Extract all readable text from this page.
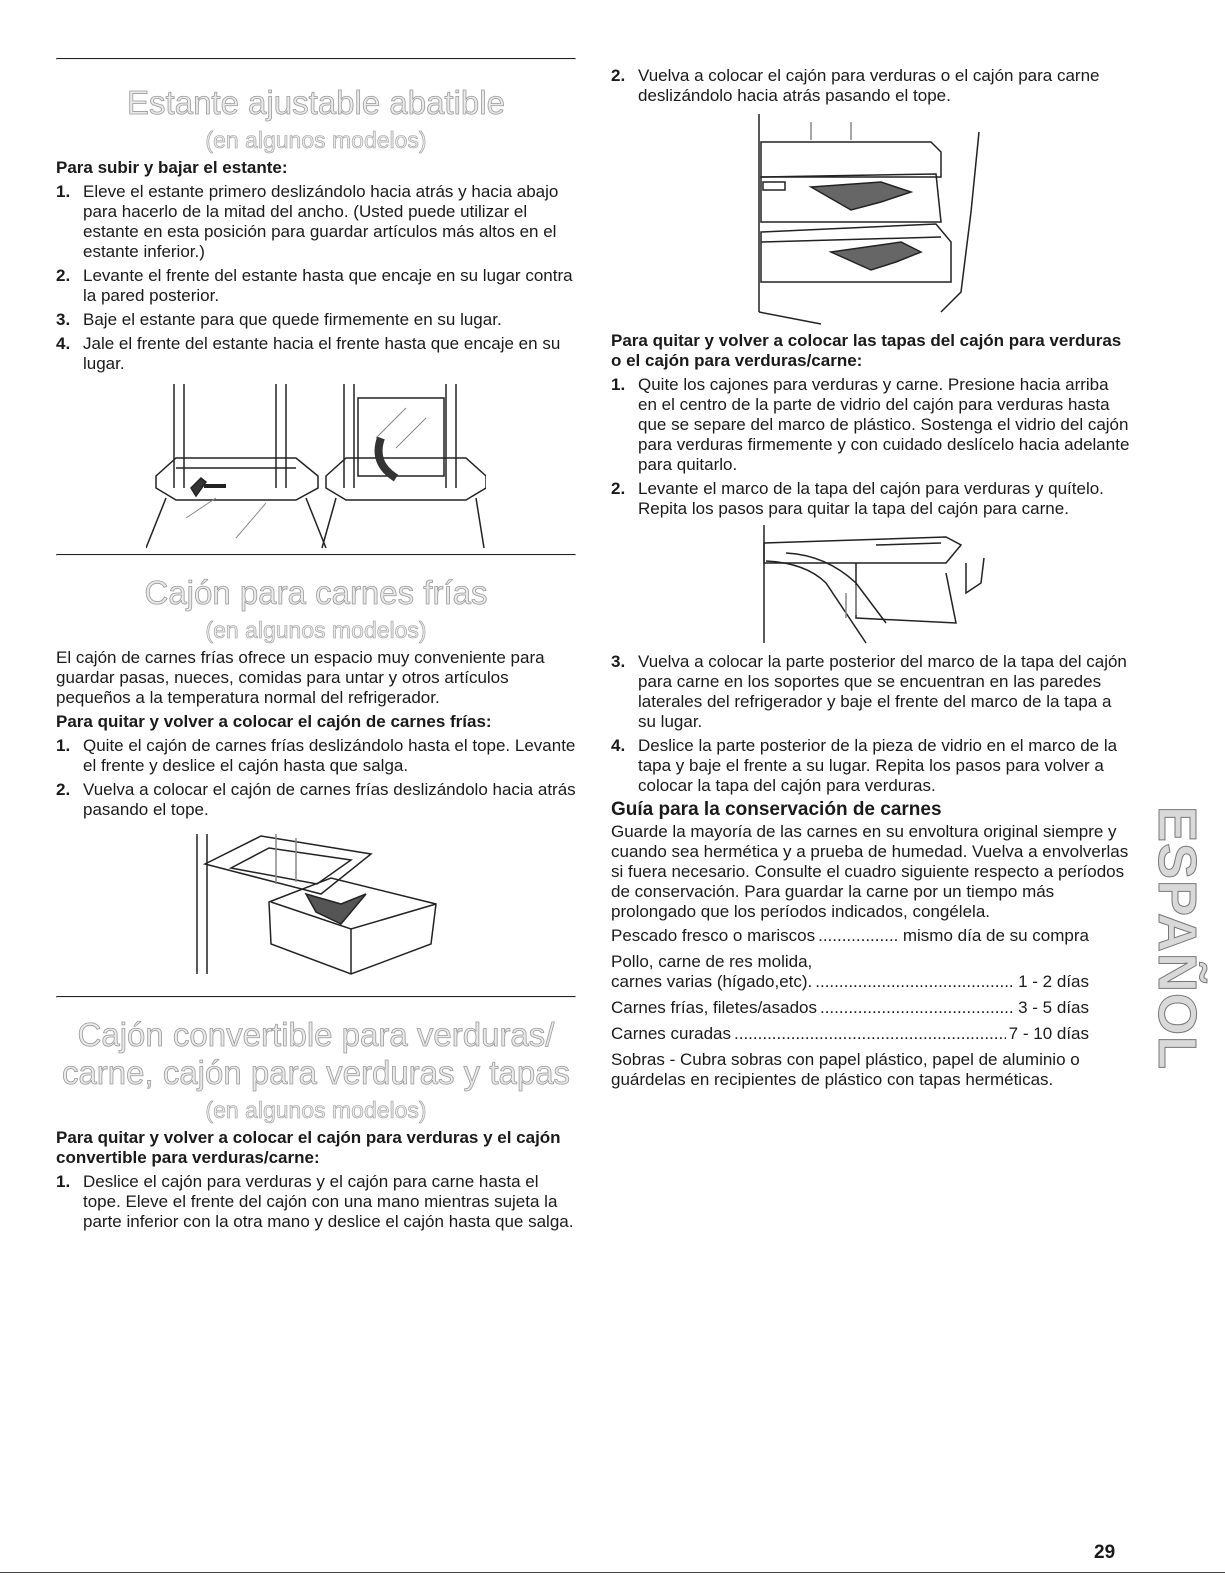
Estante ajustable abatible
(en algunos modelos)
Para subir y bajar el estante:
1. Eleve el estante primero deslizándolo hacia atrás y hacia abajo para hacerlo de la mitad del ancho. (Usted puede utilizar el estante en esta posición para guardar artículos más altos en el estante inferior.)
2. Levante el frente del estante hasta que encaje en su lugar contra la pared posterior.
3. Baje el estante para que quede firmemente en su lugar.
4. Jale el frente del estante hacia el frente hasta que encaje en su lugar.
Cajón para carnes frías
(en algunos modelos)
El cajón de carnes frías ofrece un espacio muy conveniente para guardar pasas, nueces, comidas para untar y otros artículos pequeños a la temperatura normal del refrigerador.
Para quitar y volver a colocar el cajón de carnes frías:
1. Quite el cajón de carnes frías deslizándolo hasta el tope. Levante el frente y deslice el cajón hasta que salga.
2. Vuelva a colocar el cajón de carnes frías deslizándolo hacia atrás pasando el tope.
Cajón convertible para verduras/
carne, cajón para verduras y tapas
(en algunos modelos)
Para quitar y volver a colocar el cajón para verduras y el cajón convertible para verduras/carne:
1. Deslice el cajón para verduras y el cajón para carne hasta el tope. Eleve el frente del cajón con una mano mientras sujeta la parte inferior con la otra mano y deslice el cajón hasta que salga.
2. Vuelva a colocar el cajón para verduras o el cajón para carne deslizándolo hacia atrás pasando el tope.
Para quitar y volver a colocar las tapas del cajón para verduras o el cajón para verduras/carne:
1. Quite los cajones para verduras y carne. Presione hacia arriba en el centro de la parte de vidrio del cajón para verduras hasta que se separe del marco de plástico. Sostenga el vidrio del cajón para verduras firmemente y con cuidado deslícelo hacia adelante para quitarlo.
2. Levante el marco de la tapa del cajón para verduras y quítelo. Repita los pasos para quitar la tapa del cajón para carne.
3. Vuelva a colocar la parte posterior del marco de la tapa del cajón para carne en los soportes que se encuentran en las paredes laterales del refrigerador y baje el frente del marco de la tapa a su lugar.
4. Deslice la parte posterior de la pieza de vidrio en el marco de la tapa y baje el frente a su lugar. Repita los pasos para volver a colocar la tapa del cajón para verduras.
Guía para la conservación de carnes
Guarde la mayoría de las carnes en su envoltura original siempre y cuando sea hermética y a prueba de humedad. Vuelva a envolverlas si fuera necesario. Consulte el cuadro siguiente respecto a períodos de conservación. Para guardar la carne por un tiempo más prolongado que los períodos indicados, congélela.
Pescado fresco o mariscos .....	mismo día de su compra
Pollo, carne de res molida,
carnes varias (hígado,etc). .....	1 - 2 días
Carnes frías, filetes/asados .....	3 - 5 días
Carnes curadas .....	7 - 10 días
Sobras - Cubra sobras con papel plástico, papel de aluminio o guárdelas en recipientes de plástico con tapas herméticas.
ESPAÑOL
29
